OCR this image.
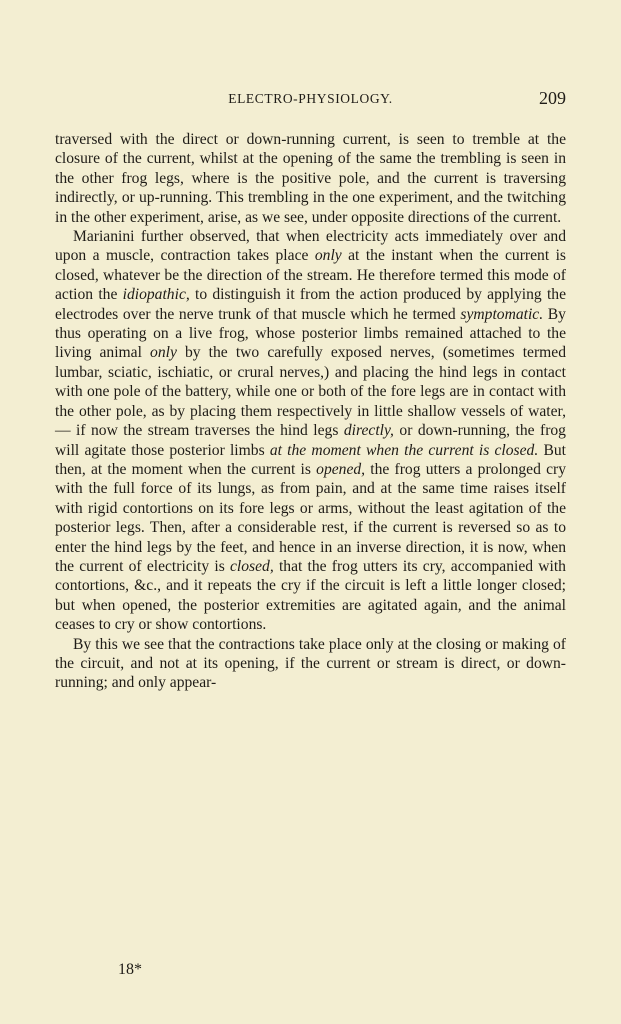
ELECTRO-PHYSIOLOGY.	209

traversed with the direct or down-running current, is seen to tremble at the closure of the current, whilst at the opening of the same the trembling is seen in the other frog legs, where is the positive pole, and the current is traversing indirectly, or up-running. This trembling in the one experiment, and the twitching in the other experiment, arise, as we see, under opposite directions of the current.

Marianini further observed, that when electricity acts immediately over and upon a muscle, contraction takes place only at the instant when the current is closed, whatever be the direction of the stream. He therefore termed this mode of action the idiopathic, to distinguish it from the action produced by applying the electrodes over the nerve trunk of that muscle which he termed symptomatic. By thus operating on a live frog, whose posterior limbs remained attached to the living animal only by the two carefully exposed nerves, (sometimes termed lumbar, sciatic, ischiatic, or crural nerves,) and placing the hind legs in contact with one pole of the battery, while one or both of the fore legs are in contact with the other pole, as by placing them respectively in little shallow vessels of water, — if now the stream traverses the hind legs directly, or down-running, the frog will agitate those posterior limbs at the moment when the current is closed. But then, at the moment when the current is opened, the frog utters a prolonged cry with the full force of its lungs, as from pain, and at the same time raises itself with rigid contortions on its fore legs or arms, without the least agitation of the posterior legs. Then, after a considerable rest, if the current is reversed so as to enter the hind legs by the feet, and hence in an inverse direction, it is now, when the current of electricity is closed, that the frog utters its cry, accompanied with contortions, &c., and it repeats the cry if the circuit is left a little longer closed; but when opened, the posterior extremities are agitated again, and the animal ceases to cry or show contortions.

By this we see that the contractions take place only at the closing or making of the circuit, and not at its opening, if the current or stream is direct, or down-running; and only appear-

18*
